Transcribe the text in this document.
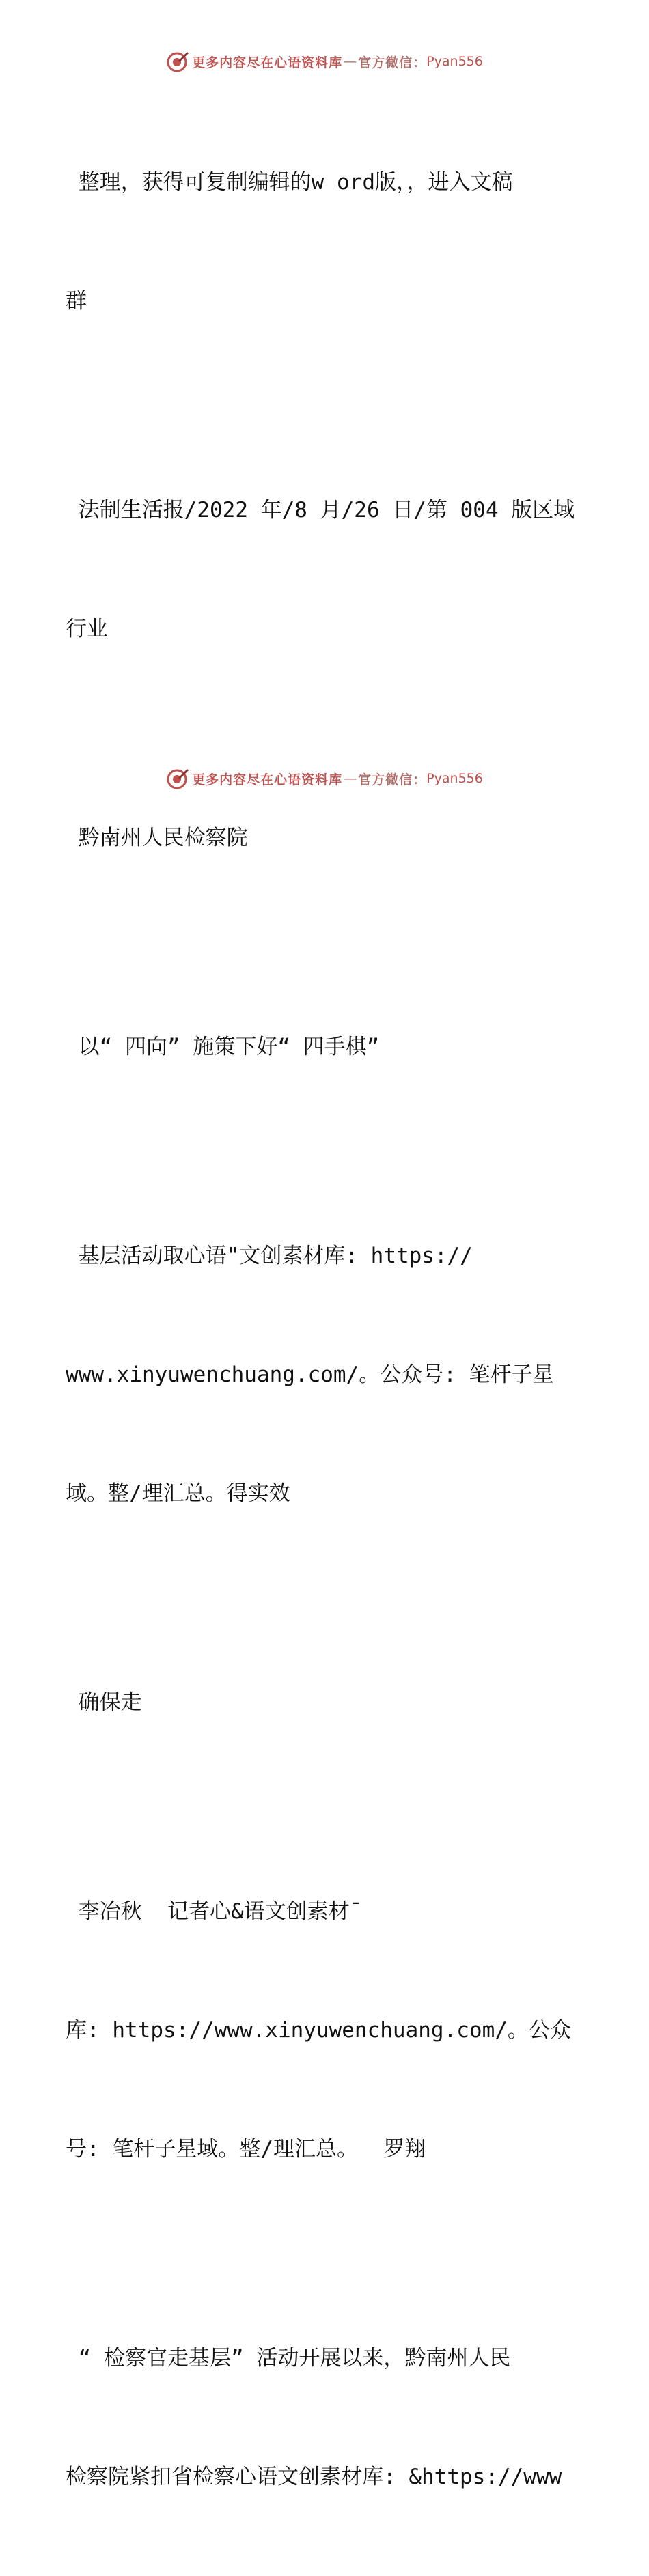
更多内容尽在心语资料库 — 官方微信： Pyan556

整理，获得可复制编辑的w ord版，，进入文稿

群

法制生活报/2022 年/8 月/26 日/第 004 版区域

行业

黔南州人民检察院

以“ 四向” 施策下好“ 四手棋”

基层活动取心语"文创素材库: https://

www.xinyuwenchuang.com/。公众号: 笔杆子星

域。整/理汇总。得实效

确保走

李冶秋  记者心&语文创素材¯

库: https://www.xinyuwenchuang.com/。公众

号: 笔杆子星域。整/理汇总。  罗翔

“ 检察官走基层” 活动开展以来，黔南州人民

检察院紧扣省检察心语文创素材库: &https://www

更多内容尽在心语资料库 — 官方微信： Pyan556
